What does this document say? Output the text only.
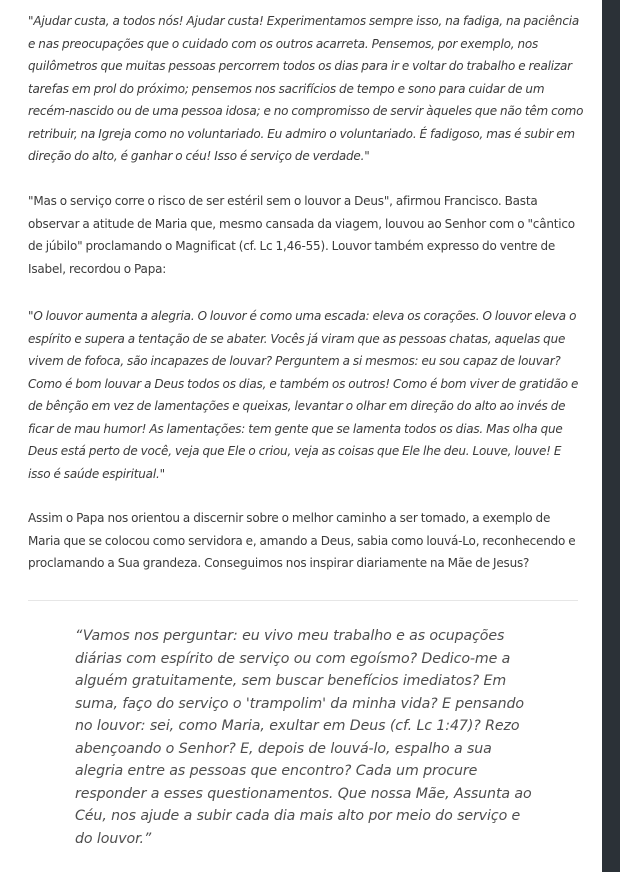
"Ajudar custa, a todos nós! Ajudar custa! Experimentamos sempre isso, na fadiga, na paciência e nas preocupações que o cuidado com os outros acarreta. Pensemos, por exemplo, nos quilômetros que muitas pessoas percorrem todos os dias para ir e voltar do trabalho e realizar tarefas em prol do próximo; pensemos nos sacrifícios de tempo e sono para cuidar de um recém-nascido ou de uma pessoa idosa; e no compromisso de servir àqueles que não têm como retribuir, na Igreja como no voluntariado. Eu admiro o voluntariado. É fadigoso, mas é subir em direção do alto, é ganhar o céu! Isso é serviço de verdade."

"Mas o serviço corre o risco de ser estéril sem o louvor a Deus", afirmou Francisco. Basta observar a atitude de Maria que, mesmo cansada da viagem, louvou ao Senhor com o "cântico de júbilo" proclamando o Magnificat (cf. Lc 1,46-55). Louvor também expresso do ventre de Isabel, recordou o Papa:

"O louvor aumenta a alegria. O louvor é como uma escada: eleva os corações. O louvor eleva o espírito e supera a tentação de se abater. Vocês já viram que as pessoas chatas, aquelas que vivem de fofoca, são incapazes de louvar? Perguntem a si mesmos: eu sou capaz de louvar? Como é bom louvar a Deus todos os dias, e também os outros! Como é bom viver de gratidão e de bênção em vez de lamentações e queixas, levantar o olhar em direção do alto ao invés de ficar de mau humor! As lamentações: tem gente que se lamenta todos os dias. Mas olha que Deus está perto de você, veja que Ele o criou, veja as coisas que Ele lhe deu. Louve, louve! E isso é saúde espiritual."

Assim o Papa nos orientou a discernir sobre o melhor caminho a ser tomado, a exemplo de Maria que se colocou como servidora e, amando a Deus, sabia como louvá-Lo, reconhecendo e proclamando a Sua grandeza. Conseguimos nos inspirar diariamente na Mãe de Jesus?

“Vamos nos perguntar: eu vivo meu trabalho e as ocupações diárias com espírito de serviço ou com egoísmo? Dedico-me a alguém gratuitamente, sem buscar benefícios imediatos? Em suma, faço do serviço o 'trampolim' da minha vida? E pensando no louvor: sei, como Maria, exultar em Deus (cf. Lc 1:47)? Rezo abençoando o Senhor? E, depois de louvá-lo, espalho a sua alegria entre as pessoas que encontro? Cada um procure responder a esses questionamentos. Que nossa Mãe, Assunta ao Céu, nos ajude a subir cada dia mais alto por meio do serviço e do louvor.”
